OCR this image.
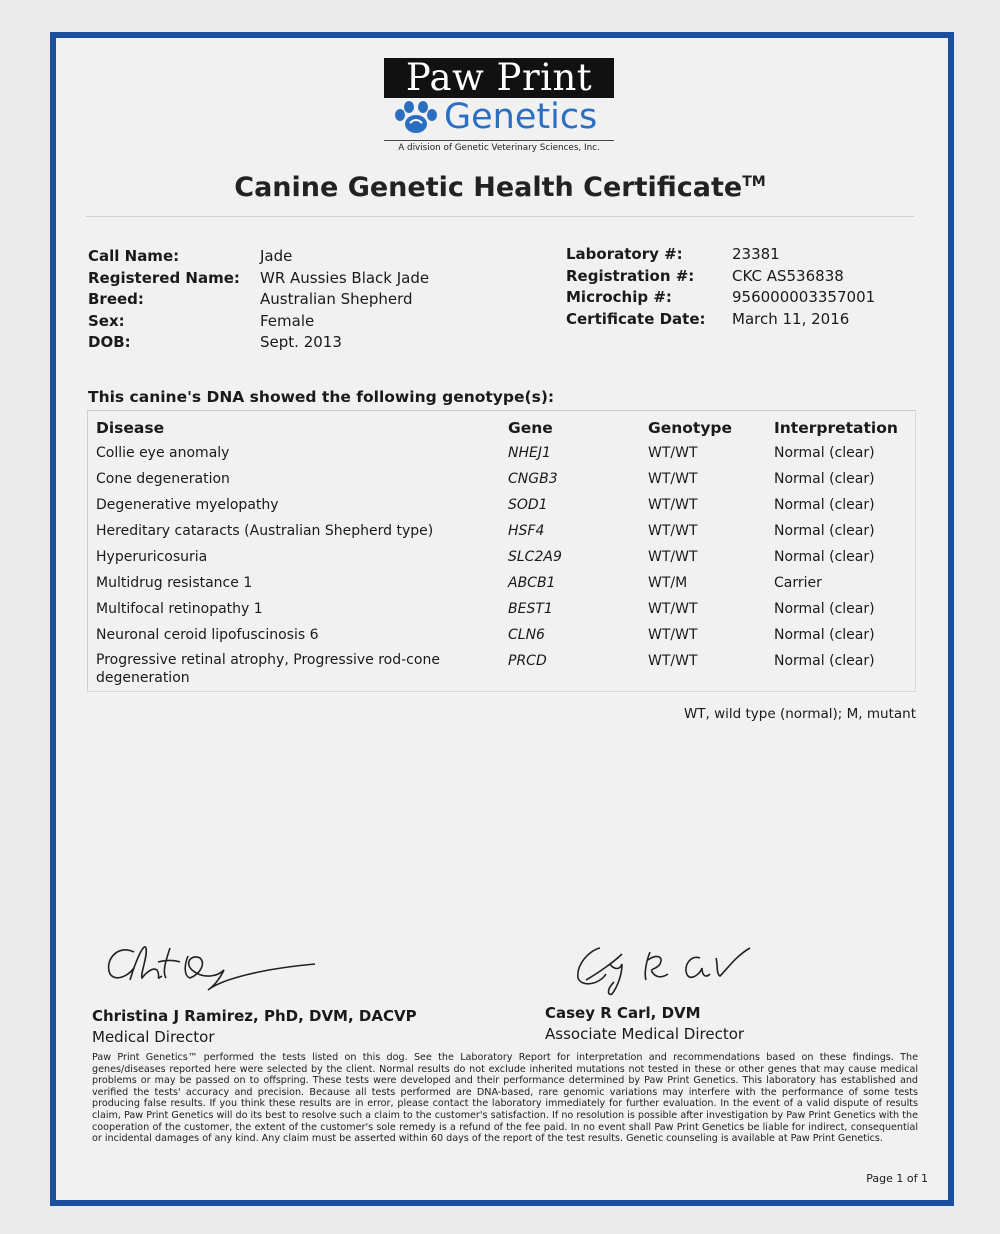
Paw Print
Genetics
A division of Genetic Veterinary Sciences, Inc.
Canine Genetic Health Certificate™
Call Name:	Jade
Registered Name: WR Aussies Black Jade
Breed:	Australian Shepherd
Sex:	Female
DOB:	Sept. 2013
Laboratory #:	23381
Registration #:	CKC AS536838
Microchip #:	956000003357001
Certificate Date: March 11, 2016
This canine's DNA showed the following genotype(s):
Disease	Gene	Genotype	Interpretation
Collie eye anomaly	NHEJ1	WT/WT	Normal (clear)
Cone degeneration	CNGB3	WT/WT	Normal (clear)
Degenerative myelopathy	SOD1	WT/WT	Normal (clear)
Hereditary cataracts (Australian Shepherd type)	HSF4	WT/WT	Normal (clear)
Hyperuricosuria	SLC2A9	WT/WT	Normal (clear)
Multidrug resistance 1	ABCB1	WT/M	Carrier
Multifocal retinopathy 1	BEST1	WT/WT	Normal (clear)
Neuronal ceroid lipofuscinosis 6	CLN6	WT/WT	Normal (clear)
Progressive retinal atrophy, Progressive rod-cone degeneration	PRCD	WT/WT	Normal (clear)
WT, wild type (normal); M, mutant
Christina J Ramirez, PhD, DVM, DACVP
Medical Director
Casey R Carl, DVM
Associate Medical Director
Paw Print Genetics™ performed the tests listed on this dog. See the Laboratory Report for interpretation and recommendations based on these findings. The genes/diseases reported here were selected by the client. Normal results do not exclude inherited mutations not tested in these or other genes that may cause medical problems or may be passed on to offspring. These tests were developed and their performance determined by Paw Print Genetics. This laboratory has established and verified the tests' accuracy and precision. Because all tests performed are DNA-based, rare genomic variations may interfere with the performance of some tests producing false results. If you think these results are in error, please contact the laboratory immediately for further evaluation. In the event of a valid dispute of results claim, Paw Print Genetics will do its best to resolve such a claim to the customer's satisfaction. If no resolution is possible after investigation by Paw Print Genetics with the cooperation of the customer, the extent of the customer's sole remedy is a refund of the fee paid. In no event shall Paw Print Genetics be liable for indirect, consequential or incidental damages of any kind. Any claim must be asserted within 60 days of the report of the test results. Genetic counseling is available at Paw Print Genetics.
Page 1 of 1
